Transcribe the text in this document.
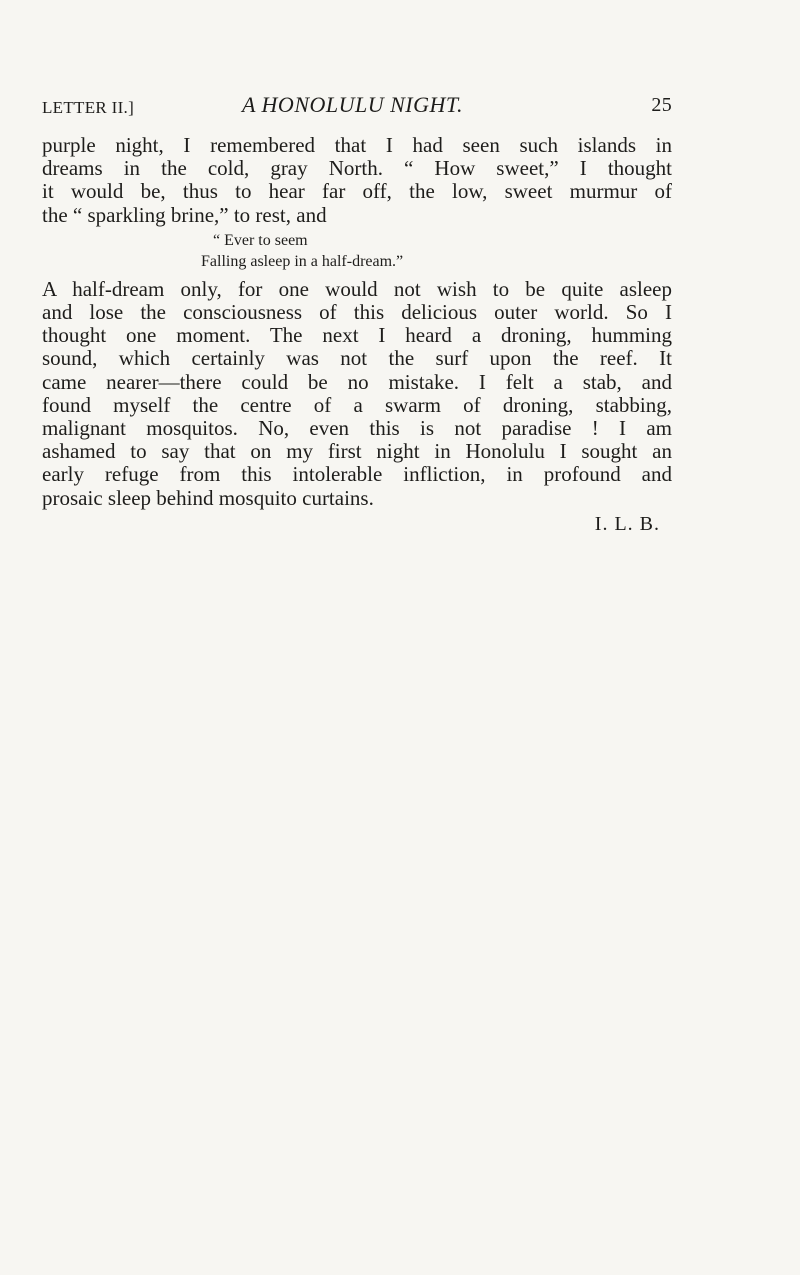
LETTER II.]	A HONOLULU NIGHT.	25
purple night, I remembered that I had seen such islands in
dreams in the cold, gray North. “ How sweet,” I thought
it would be, thus to hear far off, the low, sweet murmur of
the “ sparkling brine,” to rest, and
“ Ever to seem
Falling asleep in a half-dream.”
A half-dream only, for one would not wish to be quite asleep
and lose the consciousness of this delicious outer world. So I
thought one moment. The next I heard a droning, humming
sound, which certainly was not the surf upon the reef. It
came nearer—there could be no mistake. I felt a stab, and
found myself the centre of a swarm of droning, stabbing,
malignant mosquitos. No, even this is not paradise ! I am
ashamed to say that on my first night in Honolulu I sought an
early refuge from this intolerable infliction, in profound and
prosaic sleep behind mosquito curtains.
I. L. B.
